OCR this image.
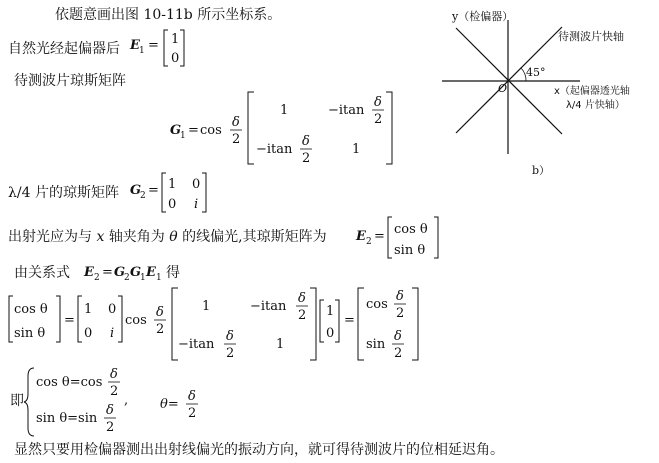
依题意画出图 10-11b 所示坐标系。
自然光经起偏器后 E 1 = 1
0
待测波片琼斯矩阵
G
1 = cos
δ
2
1	−itan
δ
2
−itan
δ
2
1
λ/4 片的琼斯矩阵 G
2 = 1 0
0 i
出射光应为与 x 轴夹角为 θ 的线偏光,其琼斯矩阵为 E 2 = cos θ
sin θ
由关系式 E 2 = G
2 G
1 E 1 得
cos θ
sin θ
=
1 0
0 i
cos
δ
2
1	−itan
δ
2
−itan
δ
2
1
1
0
=
cos
δ
2
sin
δ
2
即
cos θ=cos
δ
2
,
sin θ=sin
δ
2
θ=
δ
2
显然只要用检偏器测出出射线偏光的振动方向，就可得待测波片的位相延迟角。
45°
O
y（检偏器）
待测波片快轴
x（起偏器透光轴
λ/4 片快轴）
b）
